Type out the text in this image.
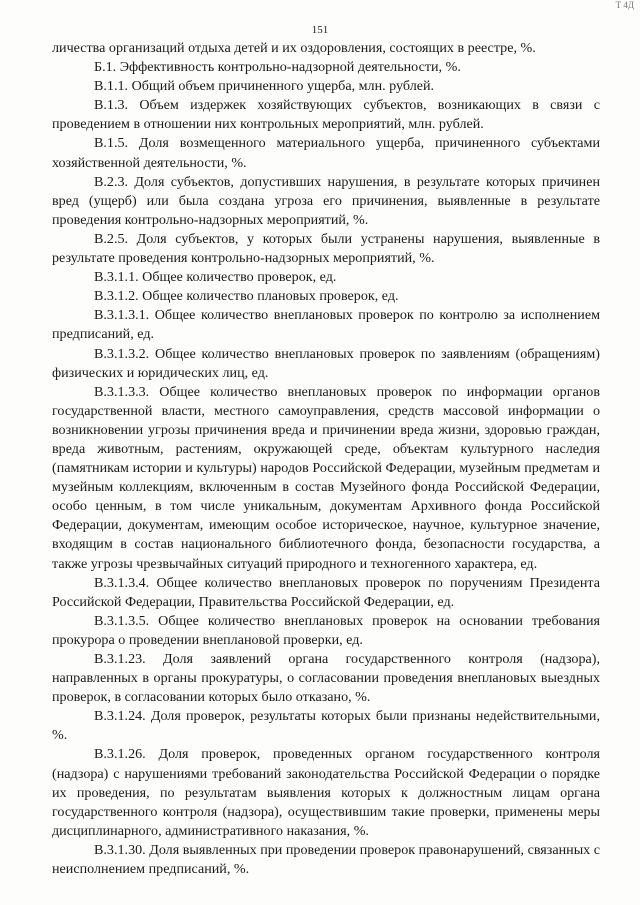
Т 4Д
151

личества организаций отдыха детей и их оздоровления, состоящих в реестре, %.

Б.1. Эффективность контрольно-надзорной деятельности, %.

В.1.1. Общий объем причиненного ущерба, млн. рублей.

В.1.3. Объем издержек хозяйствующих субъектов, возникающих в связи с проведением в отношении них контрольных мероприятий, млн. рублей.

В.1.5. Доля возмещенного материального ущерба, причиненного субъектами хозяйственной деятельности, %.

В.2.3. Доля субъектов, допустивших нарушения, в результате которых причинен вред (ущерб) или была создана угроза его причинения, выявленные в результате проведения контрольно-надзорных мероприятий, %.

В.2.5. Доля субъектов, у которых были устранены нарушения, выявленные в результате проведения контрольно-надзорных мероприятий, %.

В.3.1.1. Общее количество проверок, ед.

В.3.1.2. Общее количество плановых проверок, ед.

В.3.1.3.1. Общее количество внеплановых проверок по контролю за исполнением предписаний, ед.

В.3.1.3.2. Общее количество внеплановых проверок по заявлениям (обращениям) физических и юридических лиц, ед.

В.3.1.3.3. Общее количество внеплановых проверок по информации органов государственной власти, местного самоуправления, средств массовой информации о возникновении угрозы причинения вреда и причинении вреда жизни, здоровью граждан, вреда животным, растениям, окружающей среде, объектам культурного наследия (памятникам истории и культуры) народов Российской Федерации, музейным предметам и музейным коллекциям, включенным в состав Музейного фонда Российской Федерации, особо ценным, в том числе уникальным, документам Архивного фонда Российской Федерации, документам, имеющим особое историческое, научное, культурное значение, входящим в состав национального библиотечного фонда, безопасности государства, а также угрозы чрезвычайных ситуаций природного и техногенного характера, ед.

В.3.1.3.4. Общее количество внеплановых проверок по поручениям Президента Российской Федерации, Правительства Российской Федерации, ед.

В.3.1.3.5. Общее количество внеплановых проверок на основании требования прокурора о проведении внеплановой проверки, ед.

В.3.1.23. Доля заявлений органа государственного контроля (надзора), направленных в органы прокуратуры, о согласовании проведения внеплановых выездных проверок, в согласовании которых было отказано, %.

В.3.1.24. Доля проверок, результаты которых были признаны недействительными, %.

В.3.1.26. Доля проверок, проведенных органом государственного контроля (надзора) с нарушениями требований законодательства Российской Федерации о порядке их проведения, по результатам выявления которых к должностным лицам органа государственного контроля (надзора), осуществившим такие проверки, применены меры дисциплинарного, административного наказания, %.

В.3.1.30. Доля выявленных при проведении проверок правонарушений, связанных с неисполнением предписаний, %.
